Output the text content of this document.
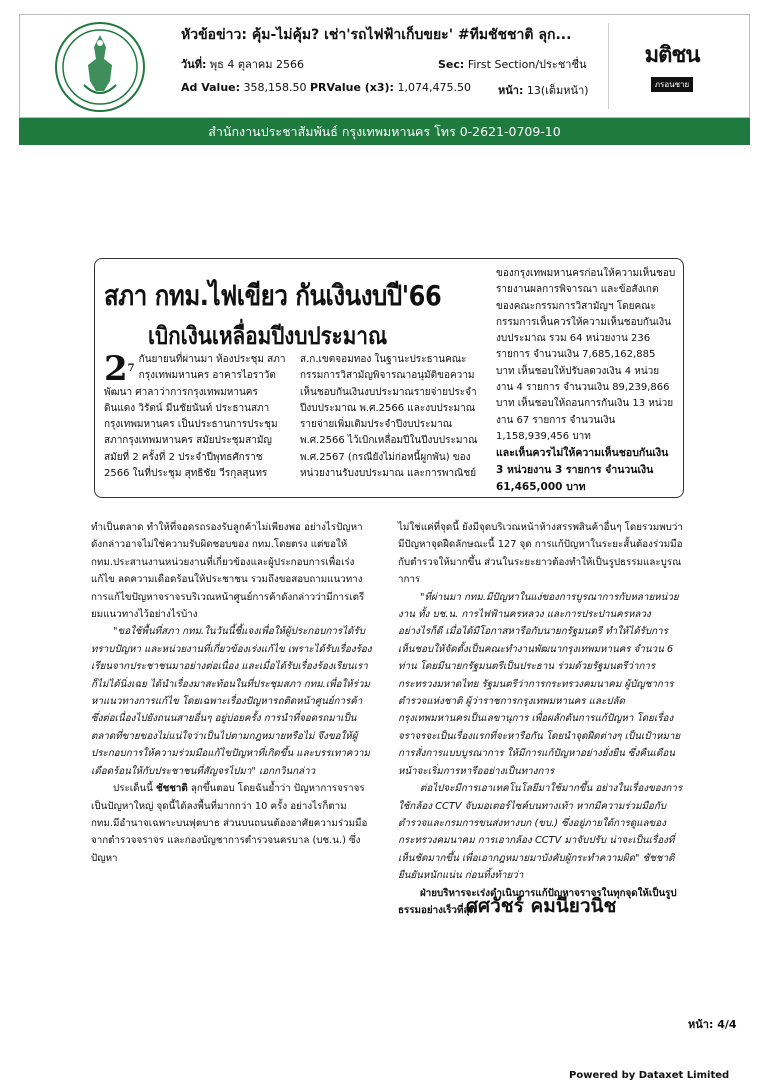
หัวข้อข่าว: คุ้ม-ไม่คุ้ม? เช่า'รถไฟฟ้าเก็บขยะ' #ทีมชัชชาติ ลุก...
วันที่: พุธ 4 ตุลาคม 2566	Sec: First Section/ประชาชื่น
Ad Value: 358,158.50 PRValue (x3): 1,074,475.50 หน้า: 13(เต็มหน้า)
มติชน
ภรอนชาย
สำนักงานประชาสัมพันธ์ กรุงเทพมหานคร โทร 0-2621-0709-10
สภา กทม.ไฟเขียว กันเงินงบปี'66
เบิกเงินเหลื่อมปีงบประมาณ
$2^7$

กันยายนที่ผ่านมา ห้องประชุม สภากรุงเทพมหานคร อาคารไอราวัตพัฒนา ศาลาว่าการกรุงเทพมหานคร ดินแดง วิรัตน์ มีนชัยนันท์ ประธานสภากรุงเทพมหานคร เป็นประธานการประชุมสภากรุงเทพมหานคร สมัยประชุมสามัญ สมัยที่ 2 ครั้งที่ 2 ประจำปีพุทธศักราช 2566 ในที่ประชุม สุทธิชัย วีรกุลสุนทร

ส.ก.เขตจอมทอง ในฐานะประธานคณะกรรมการวิสามัญพิจารณาอนุมัติขอความเห็นชอบกันเงินงบประมาณรายจ่ายประจำปีงบประมาณ พ.ศ.2566 และงบประมาณรายจ่ายเพิ่มเติมประจำปีงบประมาณ พ.ศ.2566 ไว้เบิกเหลื่อมปีในปีงบประมาณ พ.ศ.2567 (กรณียังไม่ก่อหนี้ผูกพัน) ของหน่วยงานรับงบประมาณ และการพาณิชย์

ของกรุงเทพมหานครก่อนให้ความเห็นชอบ รายงานผลการพิจารณา และข้อสังเกตของคณะกรรมการวิสามัญฯ โดยคณะกรรมการเห็นควรให้ความเห็นชอบกันเงินงบประมาณ รวม 64 หน่วยงาน 236 รายการ จำนวนเงิน 7,685,162,885 บาท เห็นชอบให้ปรับลดวงเงิน 4 หน่วยงาน 4 รายการ จำนวนเงิน 89,239,866 บาท เห็นชอบให้ถอนการกันเงิน 13 หน่วยงาน 67 รายการ จำนวนเงิน 1,158,939,456 บาท

และเห็นควรไม่ให้ความเห็นชอบกันเงิน 3 หน่วยงาน 3 รายการ จำนวนเงิน 61,465,000 บาท

ทำเป็นตลาด ทำให้ที่จอดรถรองรับลูกค้าไม่เพียงพอ อย่างไรปัญหาดังกล่าวอาจไม่ใช่ความรับผิดชอบของ กทม.โดยตรง แต่ขอให้ กทม.ประสานงานหน่วยงานที่เกี่ยวข้องและผู้ประกอบการเพื่อเร่งแก้ไข ลดความเดือดร้อนให้ประชาชน รวมถึงขอสอบถามแนวทางการแก้ไขปัญหาจราจรบริเวณหน้าศูนย์การค้าดังกล่าวว่ามีการเตรียมแนวทางไว้อย่างไรบ้าง

"ขอใช้พื้นที่สภา กทม.ในวันนี้ชี้แจงเพื่อให้ผู้ประกอบการได้รับทราบปัญหา และหน่วยงานที่เกี่ยวข้องเร่งแก้ไข เพราะได้รับเรื่องร้องเรียนจากประชาชนมาอย่างต่อเนื่อง และเมื่อได้รับเรื่องร้องเรียนเราก็ไม่ได้นิ่งเฉย ได้นำเรื่องมาสะท้อนในที่ประชุมสภา กทม.เพื่อให้ร่วมหาแนวทางการแก้ไข โดยเฉพาะเรื่องปัญหารถติดหน้าศูนย์การค้า ซึ่งต่อเนื่องไปยังถนนสายอื่นๆ อยู่บ่อยครั้ง การนำที่จอดรถมาเป็นตลาดที่ขายของไม่แน่ใจว่าเป็นไปตามกฎหมายหรือไม่ จึงขอให้ผู้ประกอบการให้ความร่วมมือแก้ไขปัญหาที่เกิดขึ้น และบรรเทาความเดือดร้อนให้กับประชาชนที่สัญจรไปมา" เอกกวินกล่าว

ประเด็นนี้ ชัชชาติ ลุกขึ้นตอบ โดยฉันย้ำว่า ปัญหาการจราจรเป็นปัญหาใหญ่ จุดนี้ได้ลงพื้นที่มากกว่า 10 ครั้ง อย่างไรก็ตาม กทม.มีอำนาจเฉพาะบนฟุตบาธ ส่วนบนถนนต้องอาศัยความร่วมมือจากตำรวจจราจร และกองบัญชาการตำรวจนครบาล (บช.น.) ซึ่งปัญหา

ไม่ใช่แค่ที่จุดนี้ ยังมีจุดบริเวณหน้าห้างสรรพสินค้าอื่นๆ โดยรวมพบว่ามีปัญหาจุดฝืดลักษณะนี้ 127 จุด การแก้ปัญหาในระยะสั้นต้องร่วมมือกับตำรวจให้มากขึ้น ส่วนในระยะยาวต้องทำให้เป็นรูปธรรมและบูรณาการ

"ที่ผ่านมา กทม.มีปัญหาในแง่ของการบูรณาการกับหลายหน่วยงาน ทั้ง บช.น. การไฟฟ้านครหลวง และการประปานครหลวง อย่างไรก็ดี เมื่อได้มีโอกาสหารือกับนายกรัฐมนตรี ทำให้ได้รับการเห็นชอบให้จัดตั้งเป็นคณะทำงานพัฒนากรุงเทพมหานคร จำนวน 6 ท่าน โดยมีนายกรัฐมนตรีเป็นประธาน ร่วมด้วยรัฐมนตรีว่าการกระทรวงมหาดไทย รัฐมนตรีว่าการกระทรวงคมนาคม ผู้บัญชาการตำรวจแห่งชาติ ผู้ว่าราชการกรุงเทพมหานคร และปลัดกรุงเทพมหานครเป็นเลขานุการ เพื่อผลักดันการแก้ปัญหา โดยเรื่องจราจรจะเป็นเรื่องแรกที่จะหารือกัน โดยนำจุดฝืดต่างๆ เป็นเป้าหมายการสั่งการแบบบูรณาการ ให้มีการแก้ปัญหาอย่างยั่งยืน ซึ่งคืนเดือนหน้าจะเริ่มการหารืออย่างเป็นทางการ

ต่อไปจะมีการเอาเทคโนโลยีมาใช้มากขึ้น อย่างในเรื่องของการใช้กล้อง CCTV จับมอเตอร์ไซค์บนทางเท้า หากมีความร่วมมือกับตำรวจและกรมการขนส่งทางบก (ขบ.) ซึ่งอยู่ภายใต้การดูแลของกระทรวงคมนาคม การเอากล้อง CCTV มาจับปรับ น่าจะเป็นเรื่องที่เห็นชัดมากขึ้น เพื่อเอากฎหมายมาบังคับผู้กระทำความผิด" ชัชชาติยืนยันหนักแน่น ก่อนทิ้งท้ายว่า

ฝ่ายบริหารจะเร่งดำเนินการแก้ปัญหาจราจรในทุกจุดให้เป็นรูปธรรมอย่างเร็วที่สุด

ศศวัชร์ คมนียวนิช
หน้า: 4/4
Powered by Dataxet Limited
